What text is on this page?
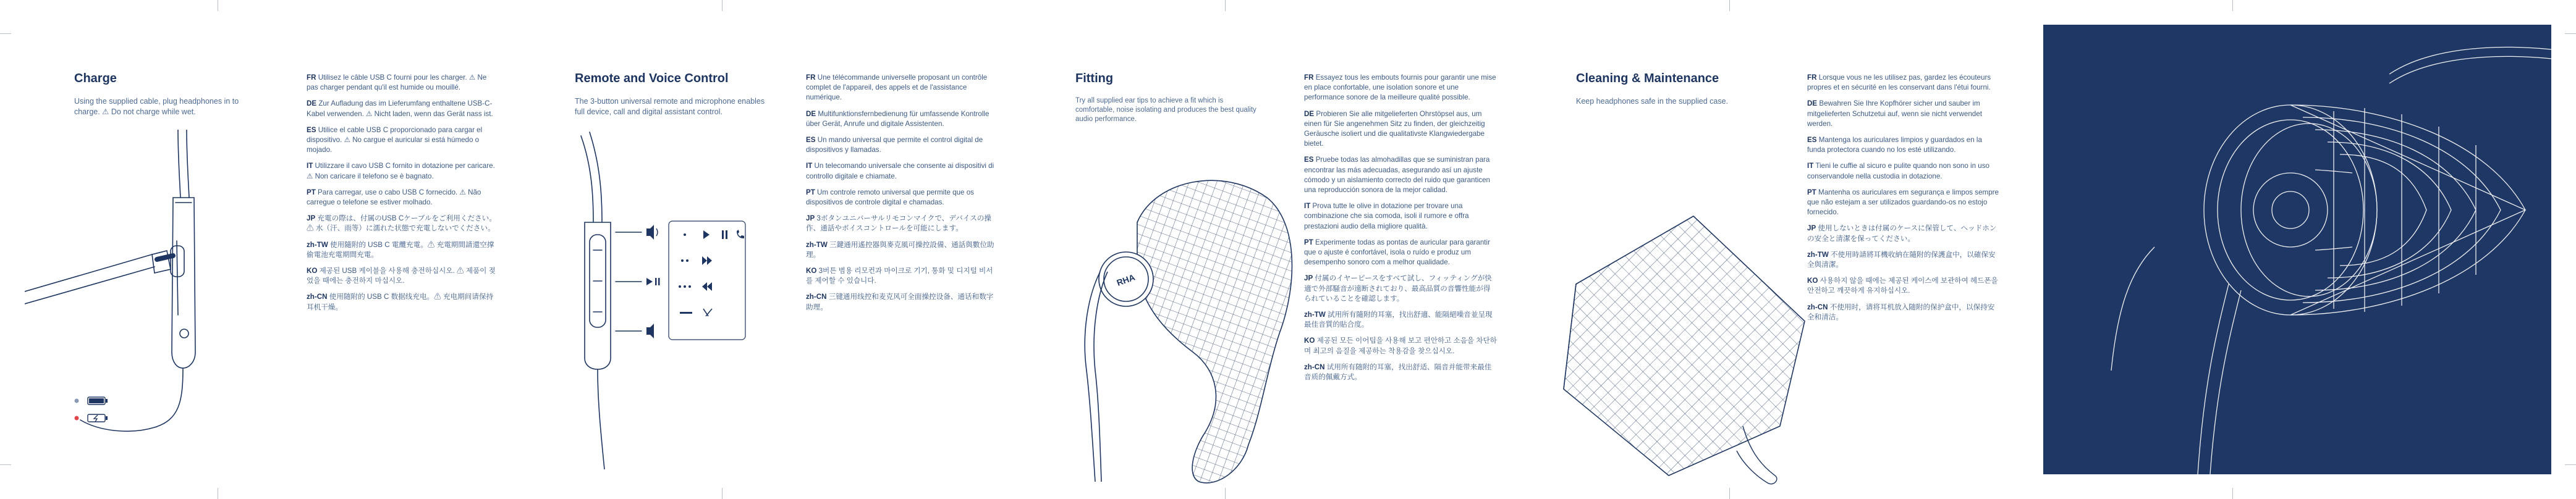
Charge

Using the supplied cable, plug headphones in to charge. ⚠ Do not charge while wet.

FR Utilisez le câble USB C fourni pour les charger. ⚠ Ne pas charger pendant qu'il est humide ou mouillé.

DE Zur Aufladung das im Lieferumfang enthaltene USB-C-Kabel verwenden. ⚠ Nicht laden, wenn das Gerät nass ist.

ES Utilice el cable USB C proporcionado para cargar el dispositivo. ⚠ No cargue el auricular si está húmedo o mojado.

IT Utilizzare il cavo USB C fornito in dotazione per caricare. ⚠ Non caricare il telefono se è bagnato.

PT Para carregar, use o cabo USB C fornecido. ⚠ Não carregue o telefone se estiver molhado.

JP 充電の際は、付属のUSB Cケーブルをご利用ください。⚠ 水（汗、雨等）に濡れた状態で充電しないでください。

zh-TW 使用隨附的 USB C 電纜充電。⚠ 充電期間請還空撑偷電池充電期間充電。

KO 제공된 USB 케이블을 사용해 충전하십시오. ⚠ 제품이 젖었을 때에는 충전하지 마십시오.

zh-CN 使用随附的 USB C 数据线充电。⚠ 充电期间请保持耳机干燥。

Remote and Voice Control

The 3-button universal remote and microphone enables full device, call and digital assistant control.

FR Une télécommande universelle proposant un contrôle complet de l'appareil, des appels et de l'assistance numérique.

DE Multifunktionsfernbedienung für umfassende Kontrolle über Gerät, Anrufe und digitale Assistenten.

ES Un mando universal que permite el control digital de dispositivos y llamadas.

IT Un telecomando universale che consente ai dispositivi di controllo digitale e chiamate.

PT Um controle remoto universal que permite que os dispositivos de controle digital e chamadas.

JP 3ボタンユニバーサルリモコンマイクで、デバイスの操作、通話やボイスコントロールを可能にします。

zh-TW 三鍵通用遙控器與麥克風可操控設備、通話與數位助理。

KO 3버튼 범용 리모컨과 마이크로 기기, 통화 및 디지털 비서를 제어할 수 있습니다.

zh-CN 三键通用线控和麦克风可全面操控设备、通话和数字助理。

Fitting

Try all supplied ear tips to achieve a fit which is comfortable, noise isolating and produces the best quality audio performance.

RHA

FR Essayez tous les embouts fournis pour garantir une mise en place confortable, une isolation sonore et une performance sonore de la meilleure qualité possible.

DE Probieren Sie alle mitgelieferten Ohrstöpsel aus, um einen für Sie angenehmen Sitz zu finden, der gleichzeitig Geräusche isoliert und die qualitativste Klangwiedergabe bietet.

ES Pruebe todas las almohadillas que se suministran para encontrar las más adecuadas, asegurando así un ajuste cómodo y un aislamiento correcto del ruido que garanticen una reproducción sonora de la mejor calidad.

IT Prova tutte le olive in dotazione per trovare una combinazione che sia comoda, isoli il rumore e offra prestazioni audio della migliore qualità.

PT Experimente todas as pontas de auricular para garantir que o ajuste é confortável, isola o ruído e produz um desempenho sonoro com a melhor qualidade.

JP 付属のイヤーピースをすべて試し、フィッティングが快適で外部騒音が遠断されており、最高品質の音響性能が得られていることを確認します。

zh-TW 試用所有隨附的耳塞，找出舒適、能隔絕噪音並呈現最佳音質的貼合度。

KO 제공된 모든 이어팁을 사용해 보고 편안하고 소음을 차단하며 최고의 음질을 제공하는 착용감을 찾으십시오.

zh-CN 试用所有随附的耳塞，找出舒适、隔音并能带来最佳音质的佩戴方式。

Cleaning & Maintenance

Keep headphones safe in the supplied case.

FR Lorsque vous ne les utilisez pas, gardez les écouteurs propres et en sécurité en les conservant dans l'étui fourni.

DE Bewahren Sie Ihre Kopfhörer sicher und sauber im mitgelieferten Schutzetui auf, wenn sie nicht verwendet werden.

ES Mantenga los auriculares limpios y guardados en la funda protectora cuando no los esté utilizando.

IT Tieni le cuffie al sicuro e pulite quando non sono in uso conservandole nella custodia in dotazione.

PT Mantenha os auriculares em segurança e limpos sempre que não estejam a ser utilizados guardando-os no estojo fornecido.

JP 使用しないときは付属のケースに保管して、ヘッドホンの安全と清潔を保ってください。

zh-TW 不使用時請將耳機收納在隨附的保護盒中，以確保安全與清潔。

KO 사용하지 않을 때에는 제공된 케이스에 보관하여 헤드폰을 안전하고 깨끗하게 유지하십시오.

zh-CN 不使用时，请将耳机放入随附的保护盒中，以保持安全和清洁。
